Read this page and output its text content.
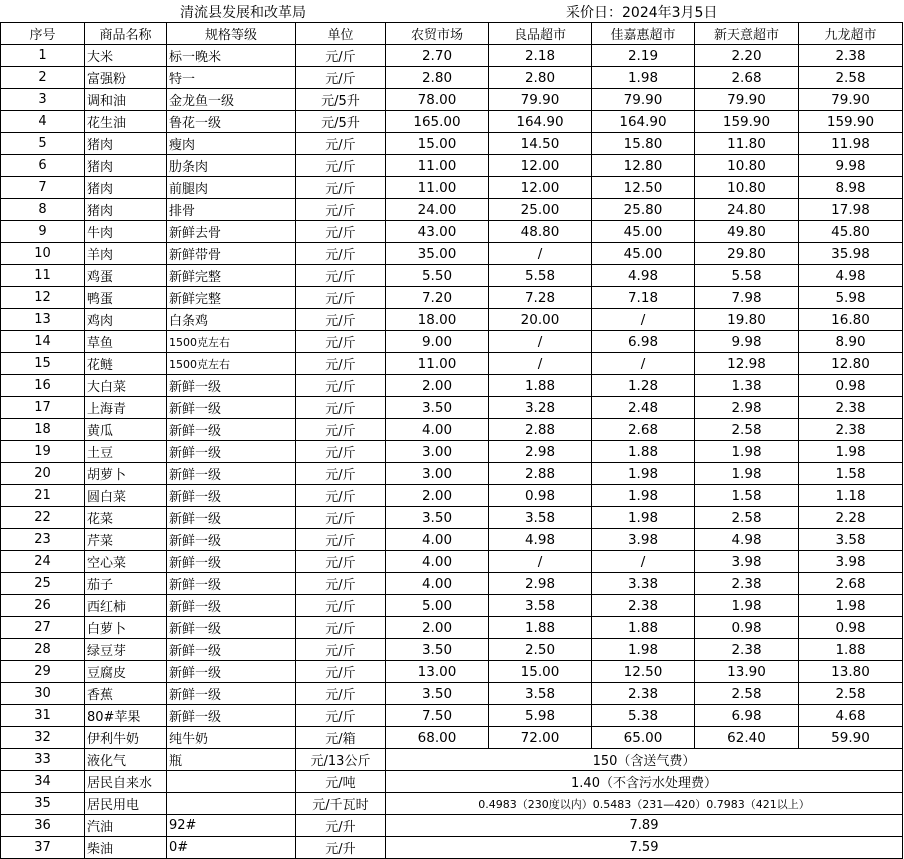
清流县发展和改革局	采价日：2024年3月5日
序号	商品名称	规格等级	单位	农贸市场	良品超市	佳嘉惠超市	新天意超市	九龙超市
1	大米	标一晚米	元/斤	2.70	2.18	2.19	2.20	2.38
2	富强粉	特一	元/斤	2.80	2.80	1.98	2.68	2.58
3	调和油	金龙鱼一级	元/5升	78.00	79.90	79.90	79.90	79.90
4	花生油	鲁花一级	元/5升	165.00	164.90	164.90	159.90	159.90
5	猪肉	瘦肉	元/斤	15.00	14.50	15.80	11.80	11.98
6	猪肉	肋条肉	元/斤	11.00	12.00	12.80	10.80	9.98
7	猪肉	前腿肉	元/斤	11.00	12.00	12.50	10.80	8.98
8	猪肉	排骨	元/斤	24.00	25.00	25.80	24.80	17.98
9	牛肉	新鲜去骨	元/斤	43.00	48.80	45.00	49.80	45.80
10	羊肉	新鲜带骨	元/斤	35.00	/	45.00	29.80	35.98
11	鸡蛋	新鲜完整	元/斤	5.50	5.58	4.98	5.58	4.98
12	鸭蛋	新鲜完整	元/斤	7.20	7.28	7.18	7.98	5.98
13	鸡肉	白条鸡	元/斤	18.00	20.00	/	19.80	16.80
14	草鱼	1500克左右	元/斤	9.00	/	6.98	9.98	8.90
15	花鲢	1500克左右	元/斤	11.00	/	/	12.98	12.80
16	大白菜	新鲜一级	元/斤	2.00	1.88	1.28	1.38	0.98
17	上海青	新鲜一级	元/斤	3.50	3.28	2.48	2.98	2.38
18	黄瓜	新鲜一级	元/斤	4.00	2.88	2.68	2.58	2.38
19	土豆	新鲜一级	元/斤	3.00	2.98	1.88	1.98	1.98
20	胡萝卜	新鲜一级	元/斤	3.00	2.88	1.98	1.98	1.58
21	圆白菜	新鲜一级	元/斤	2.00	0.98	1.98	1.58	1.18
22	花菜	新鲜一级	元/斤	3.50	3.58	1.98	2.58	2.28
23	芹菜	新鲜一级	元/斤	4.00	4.98	3.98	4.98	3.58
24	空心菜	新鲜一级	元/斤	4.00	/	/	3.98	3.98
25	茄子	新鲜一级	元/斤	4.00	2.98	3.38	2.38	2.68
26	西红柿	新鲜一级	元/斤	5.00	3.58	2.38	1.98	1.98
27	白萝卜	新鲜一级	元/斤	2.00	1.88	1.88	0.98	0.98
28	绿豆芽	新鲜一级	元/斤	3.50	2.50	1.98	2.38	1.88
29	豆腐皮	新鲜一级	元/斤	13.00	15.00	12.50	13.90	13.80
30	香蕉	新鲜一级	元/斤	3.50	3.58	2.38	2.58	2.58
31	80#苹果	新鲜一级	元/斤	7.50	5.98	5.38	6.98	4.68
32	伊利牛奶	纯牛奶	元/箱	68.00	72.00	65.00	62.40	59.90
33	液化气	瓶	元/13公斤	150（含送气费）				
34	居民自来水		元/吨	1.40（不含污水处理费）				
35	居民用电		元/千瓦时	0.4983（230度以内）0.5483（231—420）0.7983（421以上）				
36	汽油	92#	元/升	7.89				
37	柴油	0#	元/升	7.59				
